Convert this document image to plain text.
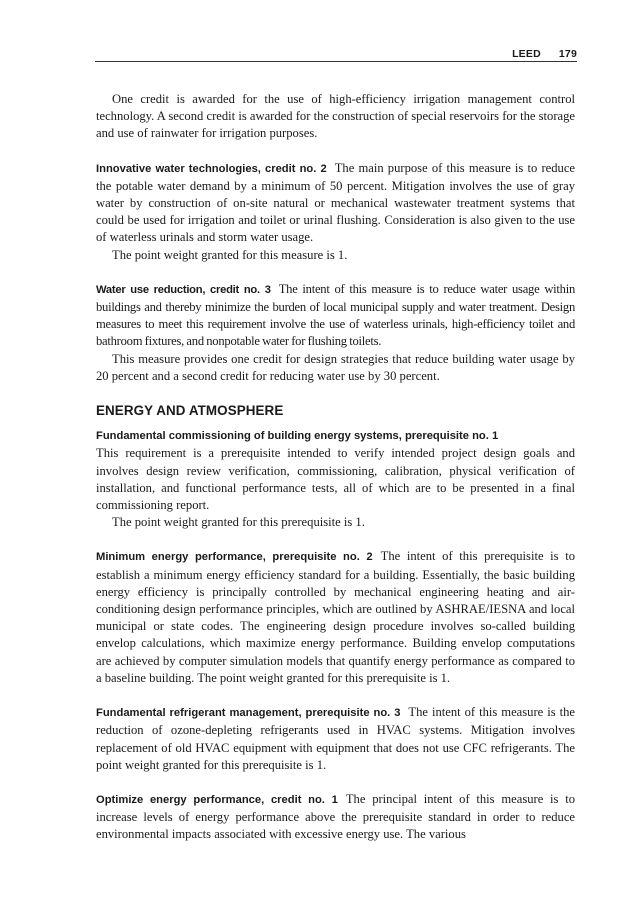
LEED 179

One credit is awarded for the use of high-efficiency irrigation management control technology. A second credit is awarded for the construction of special reservoirs for the storage and use of rainwater for irrigation purposes.

Innovative water technologies, credit no. 2 The main purpose of this measure is to reduce the potable water demand by a minimum of 50 percent. Mitigation involves the use of gray water by construction of on-site natural or mechanical wastewater treatment systems that could be used for irrigation and toilet or urinal flushing. Consideration is also given to the use of waterless urinals and storm water usage.

The point weight granted for this measure is 1.

Water use reduction, credit no. 3 The intent of this measure is to reduce water usage within buildings and thereby minimize the burden of local municipal supply and water treatment. Design measures to meet this requirement involve the use of waterless urinals, high-efficiency toilet and bathroom fixtures, and nonpotable water for flushing toilets.

This measure provides one credit for design strategies that reduce building water usage by 20 percent and a second credit for reducing water use by 30 percent.

ENERGY AND ATMOSPHERE

Fundamental commissioning of building energy systems, prerequisite no. 1
This requirement is a prerequisite intended to verify intended project design goals and involves design review verification, commissioning, calibration, physical verification of installation, and functional performance tests, all of which are to be presented in a final commissioning report.

The point weight granted for this prerequisite is 1.

Minimum energy performance, prerequisite no. 2 The intent of this prerequisite is to establish a minimum energy efficiency standard for a building. Essentially, the basic building energy efficiency is principally controlled by mechanical engineering heating and air-conditioning design performance principles, which are outlined by ASHRAE/IESNA and local municipal or state codes. The engineering design procedure involves so-called building envelop calculations, which maximize energy performance. Building envelop computations are achieved by computer simulation models that quantify energy performance as compared to a baseline building. The point weight granted for this prerequisite is 1.

Fundamental refrigerant management, prerequisite no. 3 The intent of this measure is the reduction of ozone-depleting refrigerants used in HVAC systems. Mitigation involves replacement of old HVAC equipment with equipment that does not use CFC refrigerants. The point weight granted for this prerequisite is 1.

Optimize energy performance, credit no. 1 The principal intent of this measure is to increase levels of energy performance above the prerequisite standard in order to reduce environmental impacts associated with excessive energy use. The various
